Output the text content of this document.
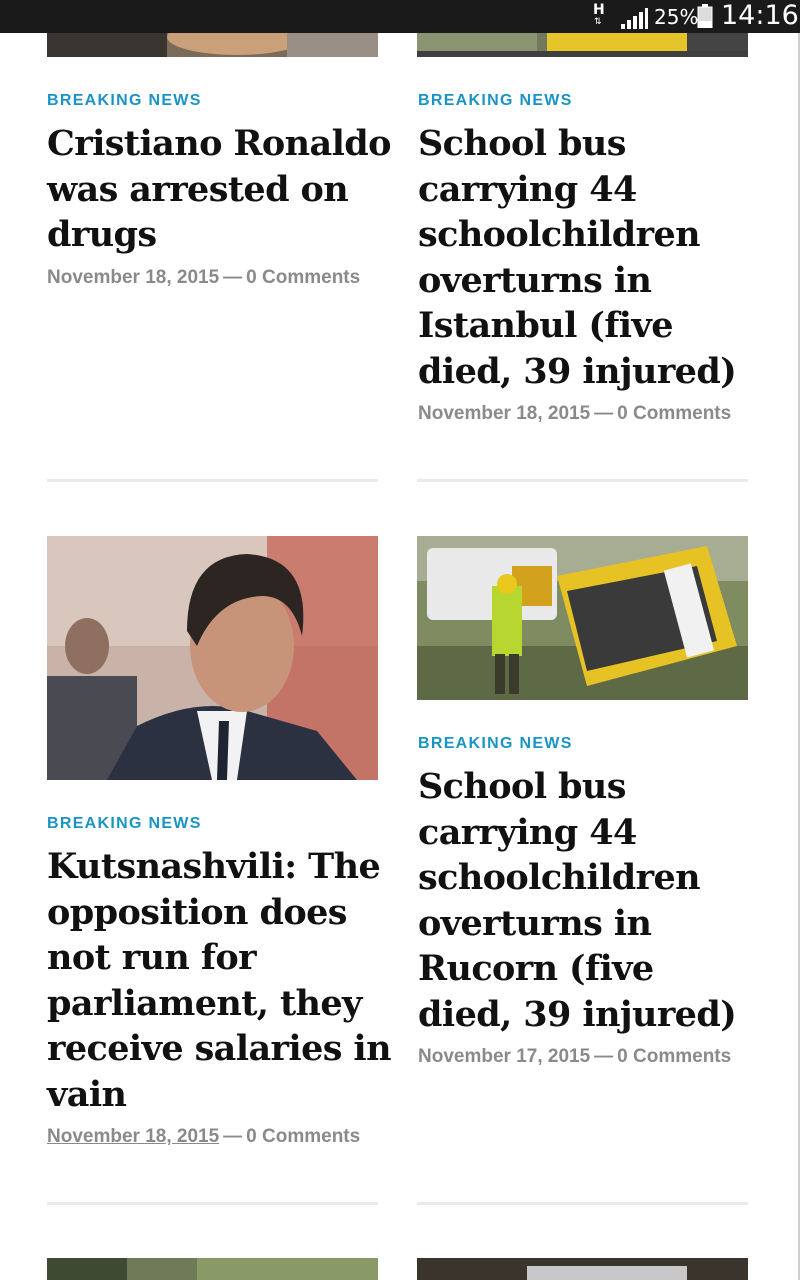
H
⇅	25% 14:16
BREAKING NEWS
Cristiano Ronaldo was arrested on drugs
November 18, 2015 — 0 Comments
BREAKING NEWS
School bus carrying 44 schoolchildren overturns in Istanbul (five died, 39 injured)
November 18, 2015 — 0 Comments
BREAKING NEWS
Kutsnashvili: The opposition does not run for parliament, they receive salaries in vain
November 18, 2015 — 0 Comments
BREAKING NEWS
School bus carrying 44 schoolchildren overturns in Rucorn (five died, 39 injured)
November 17, 2015 — 0 Comments
